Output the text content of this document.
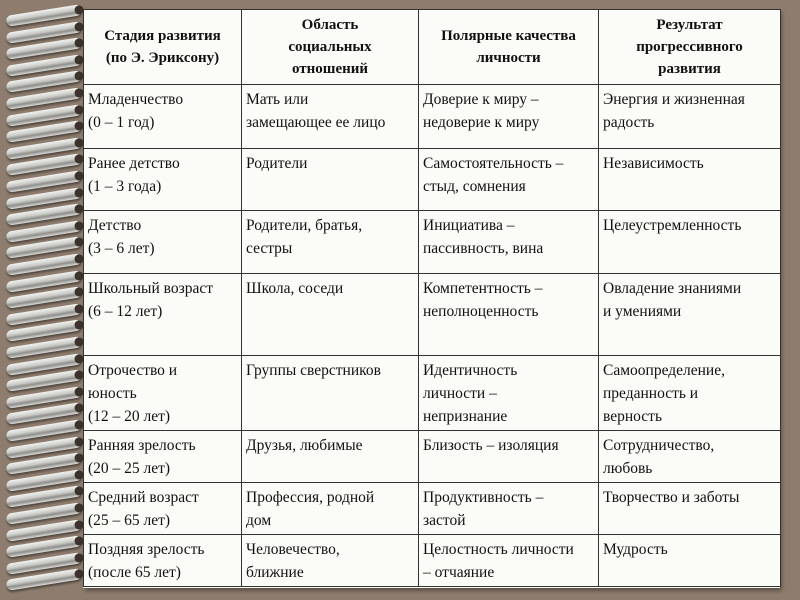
Стадия развития
(по Э. Эриксону)	Область
социальных
отношений	Полярные качества
личности	Результат
прогрессивного
развития

Младенчество
(0 – 1 год)	Мать или
замещающее ее лицо	Доверие к миру –
недоверие к миру	Энергия и жизненная
радость

Ранее детство
(1 – 3 года)	Родители	Самостоятельность –
стыд, сомнения	Независимость

Детство
(3 – 6 лет)	Родители, братья,
сестры	Инициатива –
пассивность, вина	Целеустремленность

Школьный возраст
(6 – 12 лет)	Школа, соседи	Компетентность –
неполноценность	Овладение знаниями
и умениями

Отрочество и
юность
(12 – 20 лет)	Группы сверстников	Идентичность
личности –
непризнание	Самоопределение,
преданность и
верность

Ранняя зрелость
(20 – 25 лет)	Друзья, любимые	Близость – изоляция	Сотрудничество,
любовь

Средний возраст
(25 – 65 лет)	Профессия, родной
дом	Продуктивность –
застой	Творчество и заботы

Поздняя зрелость
(после 65 лет)	Человечество,
ближние	Целостность личности
– отчаяние	Мудрость
